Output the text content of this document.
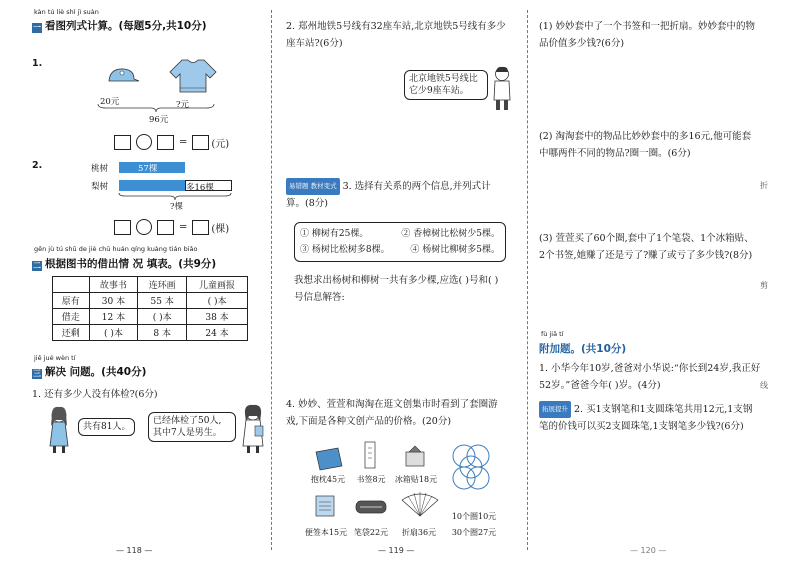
kàn tú liè shì jì suàn
一 看图列式计算。(每题5分,共10分)
1.
20元	?元
96元
= (元)
2.	桃树	57棵
梨树	多16棵
?棵
= (棵)
gēn jù tú shū de jiè chū huán qíng kuàng tián biǎo
二 根据图书的借出情 况 填表。(共9分)
	故事书	连环画	儿童画报
原有	30 本	55 本	( )本
借走	12 本	( )本	38 本
还剩	( )本	8 本	24 本
jiě jué wèn tí
三 解决 问题。(共40分)
1. 还有多少人没有体检?(6分)
共有81人。
已经体检了50人,
其中7人是男生。
— 118 —
2. 郑州地铁5号线有32座车站,北京地铁5号线有多少座车站?(6分)
北京地铁5号线比
它少9座车站。
易错题 教材变式 3. 选择有关系的两个信息,并列式计算。(8分)
① 柳树有25棵。	② 香樟树比松树少5棵。
③ 杨树比松树多8棵。 ④ 杨树比柳树多5棵。
我想求出杨树和柳树一共有多少棵,应选( )号和( )号信息解答:
4. 妙妙、萱萱和淘淘在逛文创集市时看到了套圈游戏,下面是各种文创产品的价格。(20分)
抱枕45元	书签8元	冰箱贴18元
10个圈10元
便签本15元 笔袋22元	折扇36元	30个圈27元
— 119 —
(1) 妙妙套中了一个书签和一把折扇。妙妙套中的物品价值多少钱?(6分)
(2) 淘淘套中的物品比妙妙套中的多16元,他可能套中哪两件不同的物品?圈一圈。(6分)
(3) 萱萱买了60个圈,套中了1个笔袋、1个冰箱贴、2个书签,她赚了还是亏了?赚了或亏了多少钱?(8分)
fù jiā tí
附加题。(共10分)
1. 小华今年10岁,爸爸对小华说:“你长到24岁,我正好52岁。”爸爸今年( )岁。(4分)
拓展提升 2. 买1支钢笔和1支圆珠笔共用12元,1支钢笔的价钱可以买2支圆珠笔,1支钢笔多少钱?(6分)
折
剪
线
— 120 —
